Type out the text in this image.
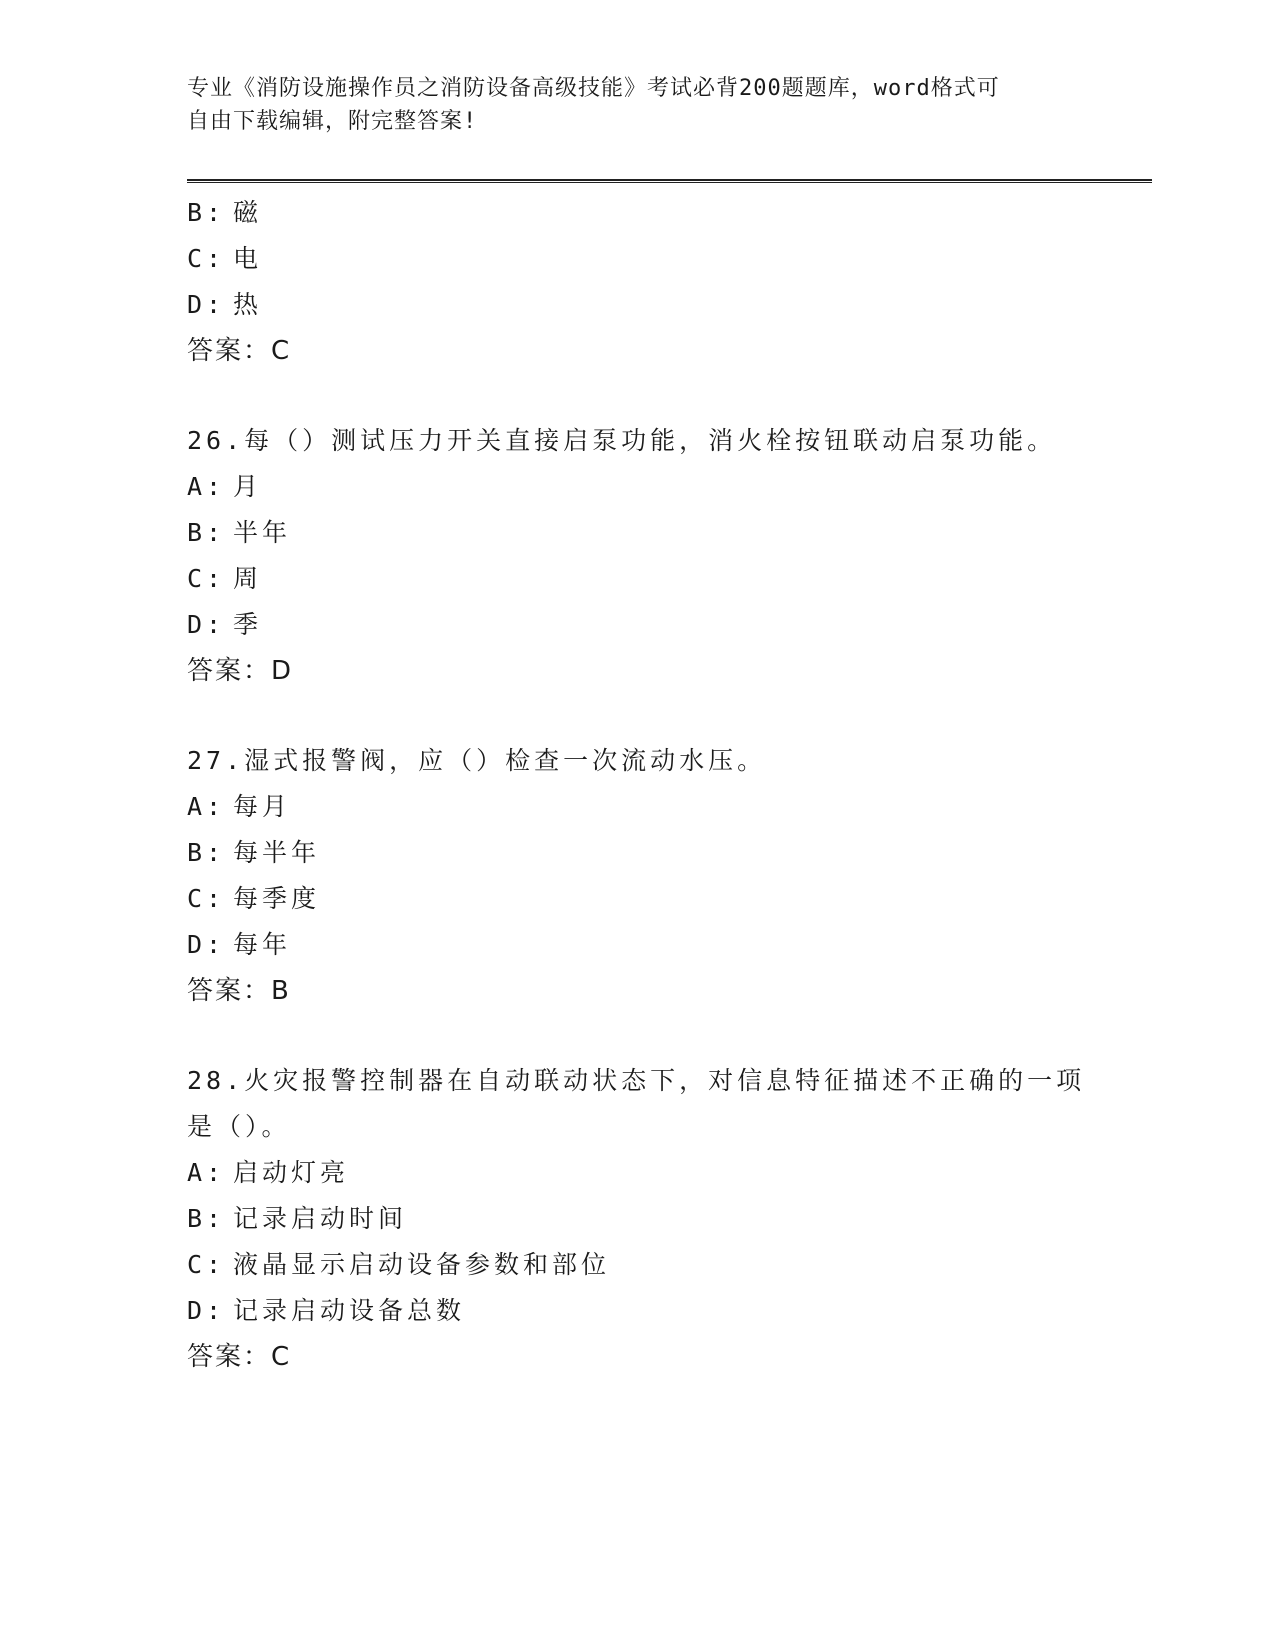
专业《消防设施操作员之消防设备高级技能》考试必背200题题库，word格式可
自由下载编辑，附完整答案!
B: 磁
C: 电
D: 热
答案：C
26.每（）测试压力开关直接启泵功能，消火栓按钮联动启泵功能。
A: 月
B: 半年
C: 周
D: 季
答案：D
27.湿式报警阀，应（）检查一次流动水压。
A: 每月
B: 每半年
C: 每季度
D: 每年
答案：B
28.火灾报警控制器在自动联动状态下，对信息特征描述不正确的一项
是（）。
A: 启动灯亮
B: 记录启动时间
C: 液晶显示启动设备参数和部位
D: 记录启动设备总数
答案：C
